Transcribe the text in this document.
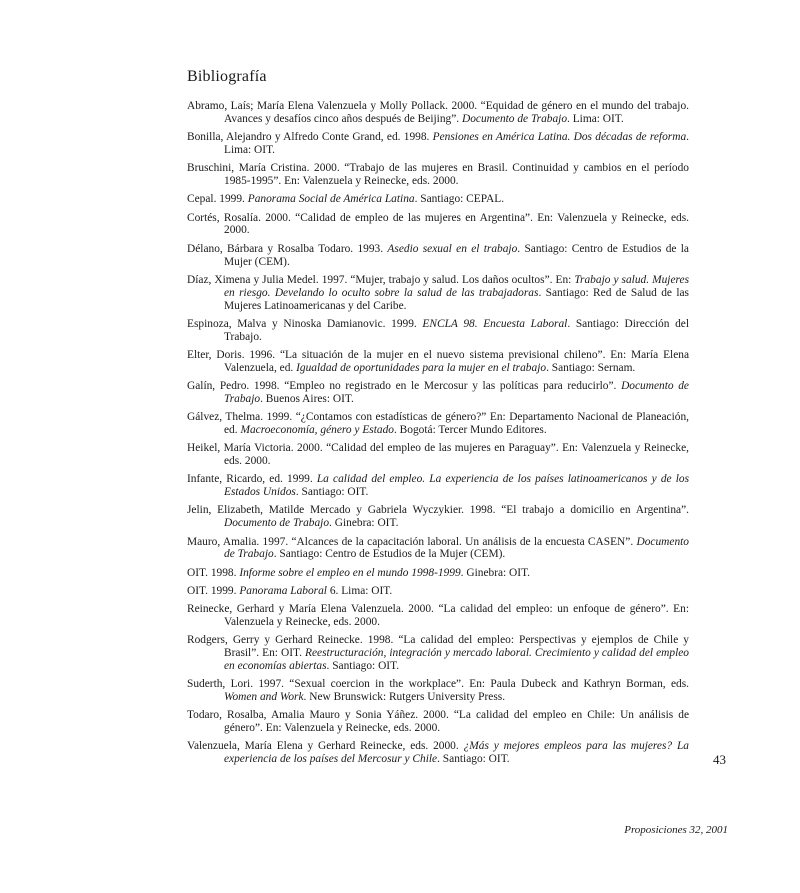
Bibliografía
Abramo, Laís; María Elena Valenzuela y Molly Pollack. 2000. “Equidad de género en el mundo del trabajo. Avances y desafíos cinco años después de Beijing”. Documento de Trabajo. Lima: OIT.
Bonilla, Alejandro y Alfredo Conte Grand, ed. 1998. Pensiones en América Latina. Dos décadas de reforma. Lima: OIT.
Bruschini, María Cristina. 2000. “Trabajo de las mujeres en Brasil. Continuidad y cambios en el período 1985-1995”. En: Valenzuela y Reinecke, eds. 2000.
Cepal. 1999. Panorama Social de América Latina. Santiago: CEPAL.
Cortés, Rosalía. 2000. “Calidad de empleo de las mujeres en Argentina”. En: Valenzuela y Reinecke, eds. 2000.
Délano, Bárbara y Rosalba Todaro. 1993. Asedio sexual en el trabajo. Santiago: Centro de Estudios de la Mujer (CEM).
Díaz, Ximena y Julia Medel. 1997. “Mujer, trabajo y salud. Los daños ocultos”. En: Trabajo y salud. Mujeres en riesgo. Develando lo oculto sobre la salud de las trabajadoras. Santiago: Red de Salud de las Mujeres Latinoamericanas y del Caribe.
Espinoza, Malva y Ninoska Damianovic. 1999. ENCLA 98. Encuesta Laboral. Santiago: Dirección del Trabajo.
Elter, Doris. 1996. “La situación de la mujer en el nuevo sistema previsional chileno”. En: María Elena Valenzuela, ed. Igualdad de oportunidades para la mujer en el trabajo. Santiago: Sernam.
Galín, Pedro. 1998. “Empleo no registrado en le Mercosur y las políticas para reducirlo”. Documento de Trabajo. Buenos Aires: OIT.
Gálvez, Thelma. 1999. “¿Contamos con estadísticas de género?” En: Departamento Nacional de Planeación, ed. Macroeconomía, género y Estado. Bogotá: Tercer Mundo Editores.
Heikel, María Victoria. 2000. “Calidad del empleo de las mujeres en Paraguay”. En: Valenzuela y Reinecke, eds. 2000.
Infante, Ricardo, ed. 1999. La calidad del empleo. La experiencia de los países latinoamericanos y de los Estados Unidos. Santiago: OIT.
Jelin, Elizabeth, Matilde Mercado y Gabriela Wyczykier. 1998. “El trabajo a domicilio en Argentina”. Documento de Trabajo. Ginebra: OIT.
Mauro, Amalia. 1997. “Alcances de la capacitación laboral. Un análisis de la encuesta CASEN”. Documento de Trabajo. Santiago: Centro de Estudios de la Mujer (CEM).
OIT. 1998. Informe sobre el empleo en el mundo 1998-1999. Ginebra: OIT.
OIT. 1999. Panorama Laboral 6. Lima: OIT.
Reinecke, Gerhard y María Elena Valenzuela. 2000. “La calidad del empleo: un enfoque de género”. En: Valenzuela y Reinecke, eds. 2000.
Rodgers, Gerry y Gerhard Reinecke. 1998. “La calidad del empleo: Perspectivas y ejemplos de Chile y Brasil”. En: OIT. Reestructuración, integración y mercado laboral. Crecimiento y calidad del empleo en economías abiertas. Santiago: OIT.
Suderth, Lori. 1997. “Sexual coercion in the workplace”. En: Paula Dubeck and Kathryn Borman, eds. Women and Work. New Brunswick: Rutgers University Press.
Todaro, Rosalba, Amalia Mauro y Sonia Yáñez. 2000. “La calidad del empleo en Chile: Un análisis de género”. En: Valenzuela y Reinecke, eds. 2000.
Valenzuela, María Elena y Gerhard Reinecke, eds. 2000. ¿Más y mejores empleos para las mujeres? La experiencia de los países del Mercosur y Chile. Santiago: OIT.	43
Proposiciones 32, 2001
